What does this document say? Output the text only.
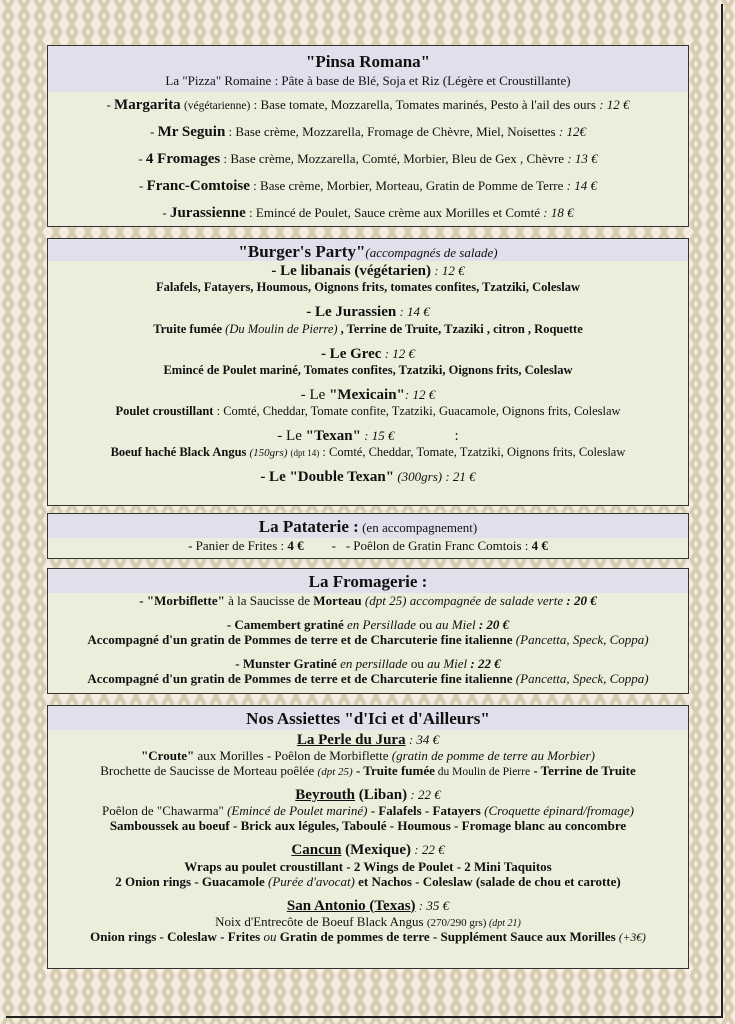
"Pinsa Romana"
La "Pizza" Romaine : Pâte à base de Blé, Soja et Riz (Légère et Croustillante)
- Margarita (végétarienne) : Base tomate, Mozzarella, Tomates marinés, Pesto à l'ail des ours : 12 €
- Mr Seguin : Base crème, Mozzarella, Fromage de Chèvre, Miel, Noisettes : 12€
- 4 Fromages : Base crème, Mozzarella, Comté, Morbier, Bleu de Gex , Chèvre : 13 €
- Franc-Comtoise : Base crème, Morbier, Morteau, Gratin de Pomme de Terre : 14 €
- Jurassienne : Emincé de Poulet, Sauce crème aux Morilles et Comté : 18 €
"Burger's Party"(accompagnés de salade)
- Le libanais (végétarien) : 12 €
Falafels, Fatayers, Houmous, Oignons frits, tomates confites, Tzatziki, Coleslaw
- Le Jurassien : 14 €
Truite fumée (Du Moulin de Pierre) , Terrine de Truite, Tzaziki , citron , Roquette
- Le Grec : 12 €
Emincé de Poulet mariné, Tomates confites, Tzatziki, Oignons frits, Coleslaw
- Le "Mexicain": 12 €
Poulet croustillant : Comté, Cheddar, Tomate confite, Tzatziki, Guacamole, Oignons frits, Coleslaw
- Le "Texan" : 15 €	:
Boeuf haché Black Angus (150grs) (dpt 14) : Comté, Cheddar, Tomate, Tzatziki, Oignons frits, Coleslaw
- Le "Double Texan" (300grs) : 21 €
La Pataterie : (en accompagnement)
- Panier de Frites : 4 € -   - Poêlon de Gratin Franc Comtois : 4 €
La Fromagerie :
- "Morbiflette" à la Saucisse de Morteau (dpt 25) accompagnée de salade verte : 20 €
- Camembert gratiné en Persillade ou au Miel : 20 €
Accompagné d'un gratin de Pommes de terre et de Charcuterie fine italienne (Pancetta, Speck, Coppa)
- Munster Gratiné en persillade ou au Miel : 22 €
Accompagné d'un gratin de Pommes de terre et de Charcuterie fine italienne (Pancetta, Speck, Coppa)
Nos Assiettes "d'Ici et d'Ailleurs"
La Perle du Jura : 34 €
"Croute" aux Morilles - Poêlon de Morbiflette (gratin de pomme de terre au Morbier)
Brochette de Saucisse de Morteau poêlée (dpt 25) - Truite fumée du Moulin de Pierre - Terrine de Truite
Beyrouth (Liban) : 22 €
Poêlon de "Chawarma" (Emincé de Poulet mariné) - Falafels - Fatayers (Croquette épinard/fromage)
Samboussek au boeuf - Brick aux légules, Taboulé - Houmous - Fromage blanc au concombre
Cancun (Mexique) : 22 €
Wraps au poulet croustillant - 2 Wings de Poulet - 2 Mini Taquitos
2 Onion rings - Guacamole (Purée d'avocat) et Nachos - Coleslaw (salade de chou et carotte)
San Antonio (Texas) : 35 €
Noix d'Entrecôte de Boeuf Black Angus (270/290 grs) (dpt 21)
Onion rings - Coleslaw - Frites ou Gratin de pommes de terre - Supplément Sauce aux Morilles (+3€)
